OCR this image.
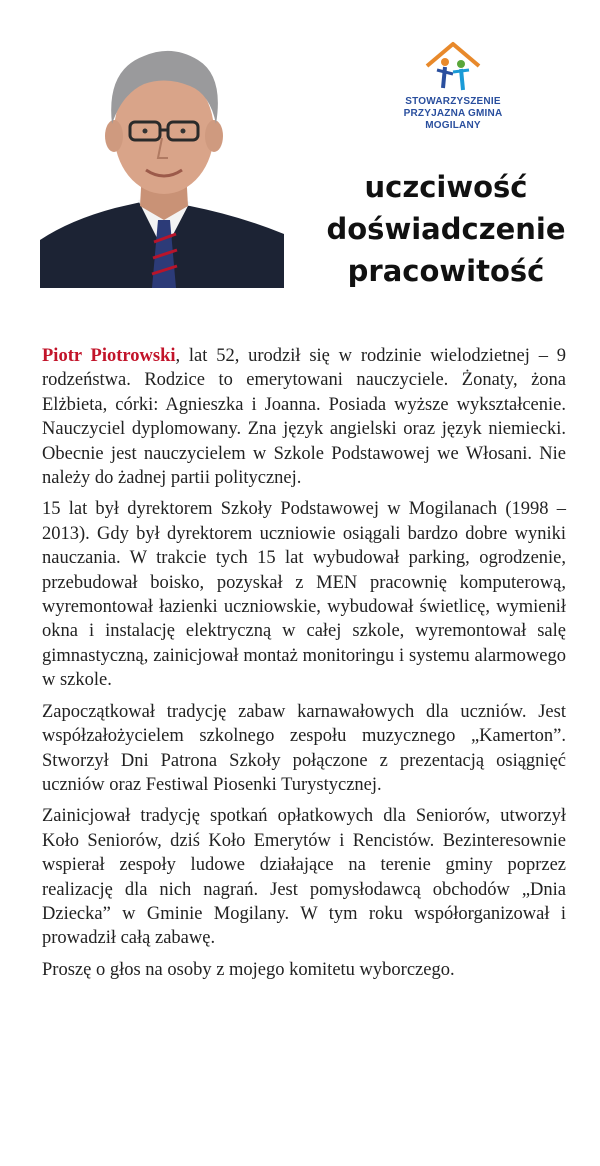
STOWARZYSZENIE
PRZYJAZNA GMINA
MOGILANY
uczciwość
doświadczenie
pracowitość

Piotr Piotrowski, lat 52, urodził się w rodzinie wielodzietnej – 9 rodzeństwa. Rodzice to emerytowani nauczyciele. Żonaty, żona Elżbieta, córki: Agnieszka i Joanna. Posiada wyższe wykształcenie. Nauczyciel dyplomowany. Zna język angielski oraz język niemiecki. Obecnie jest nauczycielem w Szkole Podstawowej we Włosani. Nie należy do żadnej partii politycznej.

15 lat był dyrektorem Szkoły Podstawowej w Mogilanach (1998 – 2013). Gdy był dyrektorem uczniowie osiągali bardzo dobre wyniki nauczania. W trakcie tych 15 lat wybudował parking, ogrodzenie, przebudował boisko, pozyskał z MEN pracownię komputerową, wyremontował łazienki uczniowskie, wybudował świetlicę, wymienił okna i instalację elektryczną w całej szkole, wyremontował salę gimnastyczną, zainicjował montaż monitoringu i systemu alarmowego w szkole.

Zapoczątkował tradycję zabaw karnawałowych dla uczniów. Jest współzałożycielem szkolnego zespołu muzycznego „Kamerton”. Stworzył Dni Patrona Szkoły połączone z prezentacją osiągnięć uczniów oraz Festiwal Piosenki Turystycznej.

Zainicjował tradycję spotkań opłatkowych dla Seniorów, utworzył Koło Seniorów, dziś Koło Emerytów i Rencistów. Bezinteresownie wspierał zespoły ludowe działające na terenie gminy poprzez realizację dla nich nagrań. Jest pomysłodawcą obchodów „Dnia Dziecka” w Gminie Mogilany. W tym roku współorganizował i prowadził całą zabawę.

Proszę o głos na osoby z mojego komitetu wyborczego.
